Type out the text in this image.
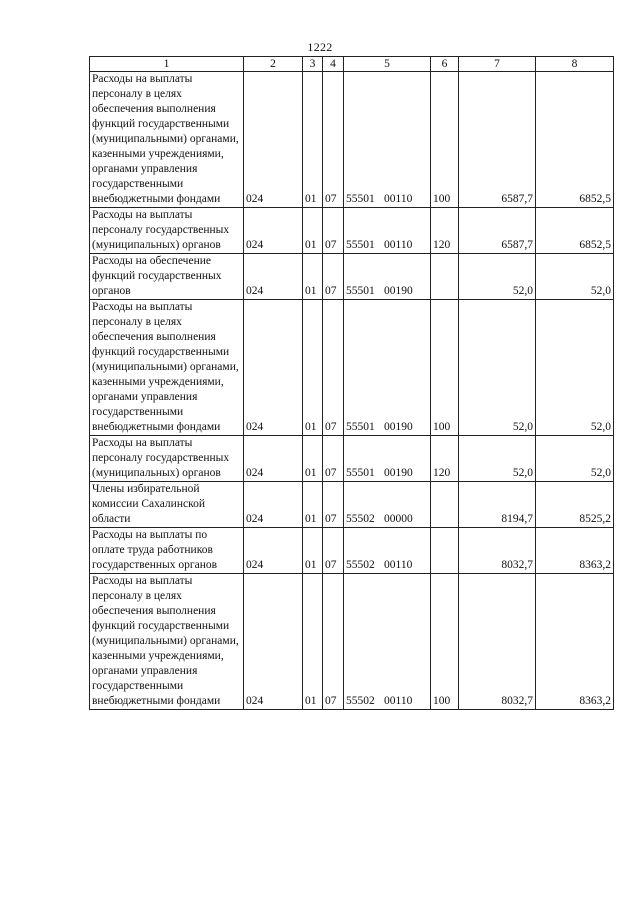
1222
1	2	3	4	5	6	7	8
Расходы на выплаты персоналу в целях обеспечения выполнения функций государственными (муниципальными) органами, казенными учреждениями, органами управления государственными внебюджетными фондами	024	01	07	55501 00110	100	6587,7	6852,5
Расходы на выплаты персоналу государственных (муниципальных) органов	024	01	07	55501 00110	120	6587,7	6852,5
Расходы на обеспечение функций государственных органов	024	01	07	55501 00190		52,0	52,0
Расходы на выплаты персоналу в целях обеспечения выполнения функций государственными (муниципальными) органами, казенными учреждениями, органами управления государственными внебюджетными фондами	024	01	07	55501 00190	100	52,0	52,0
Расходы на выплаты персоналу государственных (муниципальных) органов	024	01	07	55501 00190	120	52,0	52,0
Члены избирательной комиссии Сахалинской области	024	01	07	55502 00000		8194,7	8525,2
Расходы на выплаты по оплате труда работников государственных органов	024	01	07	55502 00110		8032,7	8363,2
Расходы на выплаты персоналу в целях обеспечения выполнения функций государственными (муниципальными) органами, казенными учреждениями, органами управления государственными внебюджетными фондами	024	01	07	55502 00110	100	8032,7	8363,2
